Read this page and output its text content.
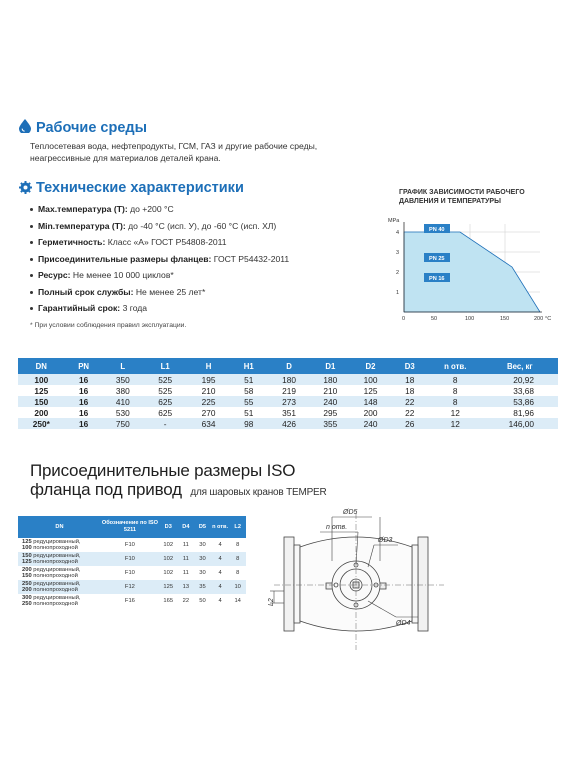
Рабочие среды
Теплосетевая вода, нефтепродукты, ГСМ, ГАЗ и другие рабочие среды,
неагрессивные для материалов деталей крана.
Технические характеристики
Max.температура (Т): до +200 °С
Min.температура (Т): до -40 °С (исп. У), до -60 °С (исп. ХЛ)
Герметичность: Класс «А» ГОСТ Р54808-2011
Присоединительные размеры фланцев: ГОСТ Р54432-2011
Ресурс: Не менее 10 000 циклов*
Полный срок службы: Не менее 25 лет*
Гарантийный срок: 3 года
* При условии соблюдения правил эксплуатации.
ГРАФИК ЗАВИСИМОСТИ РАБОЧЕГО
ДАВЛЕНИЯ И ТЕМПЕРАТУРЫ
PN 40
PN 25
PN 16
MPa
4
3
2
1
0	50	100	150	200 °C
DN	PN	L	L1	H	H1	D	D1	D2	D3	n отв.	Вес, кг
100	16	350	525	195	51	180	180	100	18	8	20,92
125	16	380	525	210	58	219	210	125	18	8	33,68
150	16	410	625	225	55	273	240	148	22	8	53,86
200	16	530	625	270	51	351	295	200	22	12	81,96
250*	16	750	-	634	98	426	355	240	26	12	146,00
Присоединительные размеры ISO
фланца под привод для шаровых кранов TEMPER
DN	Обозначение по ISO 5211	D3	D4	D5	n отв.	L2

125 редуцированный,
100 полнопроходной	F10	102	11	30	4	8

150 редуцированный,
125 полнопроходной	F10	102	11	30	4	8

200 редуцированный,
150 полнопроходной	F10	102	11	30	4	8

250 редуцированный,
200 полнопроходной	F12	125	13	35	4	10

300 редуцированный,
250 полнопроходной	F16	165	22	50	4	14
ØD5
n отв.
ØD3
L2
ØD4
